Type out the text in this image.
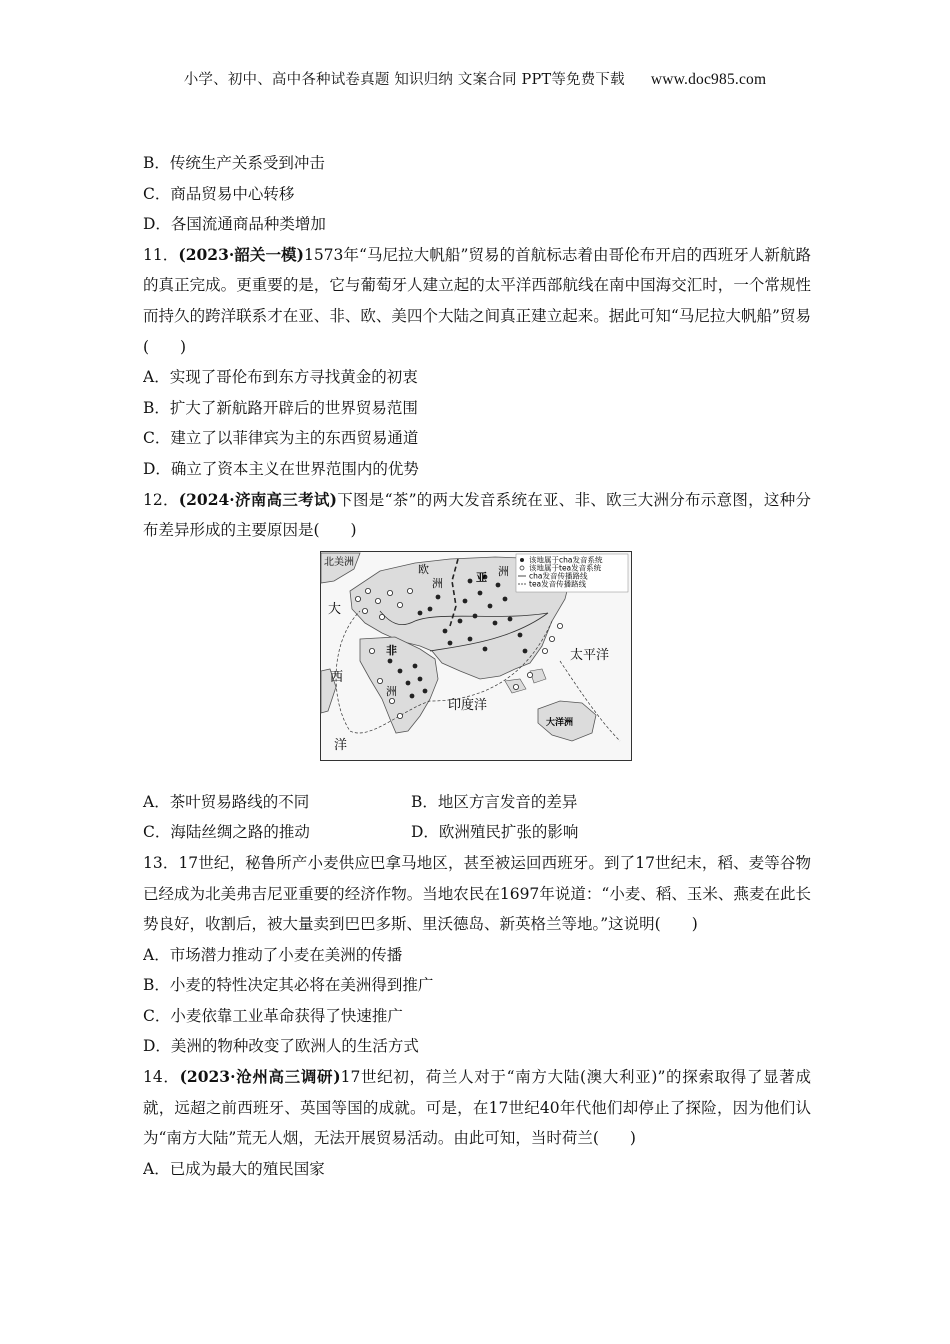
小学、初中、高中各种试卷真题 知识归纳 文案合同 PPT等免费下载 www.doc985.com
B．传统生产关系受到冲击
C．商品贸易中心转移
D．各国流通商品种类增加
11．(2023·韶关一模)1573年“马尼拉大帆船”贸易的首航标志着由哥伦布开启的西班牙人新航路的真正完成。更重要的是，它与葡萄牙人建立起的太平洋西部航线在南中国海交汇时，一个常规性而持久的跨洋联系才在亚、非、欧、美四个大陆之间真正建立起来。据此可知“马尼拉大帆船”贸易(　　)
A．实现了哥伦布到东方寻找黄金的初衷
B．扩大了新航路开辟后的世界贸易范围
C．建立了以菲律宾为主的东西贸易通道
D．确立了资本主义在世界范围内的优势
12．(2024·济南高三考试)下图是“茶”的两大发音系统在亚、非、欧三大洲分布示意图，这种分布差异形成的主要原因是(　　)
A．茶叶贸易路线的不同	B．地区方言发音的差异
C．海陆丝绸之路的推动	D．欧洲殖民扩张的影响
13．17世纪，秘鲁所产小麦供应巴拿马地区，甚至被运回西班牙。到了17世纪末，稻、麦等谷物已经成为北美弗吉尼亚重要的经济作物。当地农民在1697年说道：“小麦、稻、玉米、燕麦在此长势良好，收割后，被大量卖到巴巴多斯、里沃德岛、新英格兰等地。”这说明(　　)
A．市场潜力推动了小麦在美洲的传播
B．小麦的特性决定其必将在美洲得到推广
C．小麦依靠工业革命获得了快速推广
D．美洲的物种改变了欧洲人的生活方式
14．(2023·沧州高三调研)17世纪初，荷兰人对于“南方大陆(澳大利亚)”的探索取得了显著成就，远超之前西班牙、英国等国的成就。可是，在17世纪40年代他们却停止了探险，因为他们认为“南方大陆”荒无人烟，无法开展贸易活动。由此可知，当时荷兰(　　)
A．已成为最大的殖民国家
该地属于cha发音系统
该地属于tea发音系统
cha发音传播路线
tea发音传播路线
北美洲
欧
洲	亚 洲
非
洲
大
西
洋
太平洋
印度洋
大洋洲
